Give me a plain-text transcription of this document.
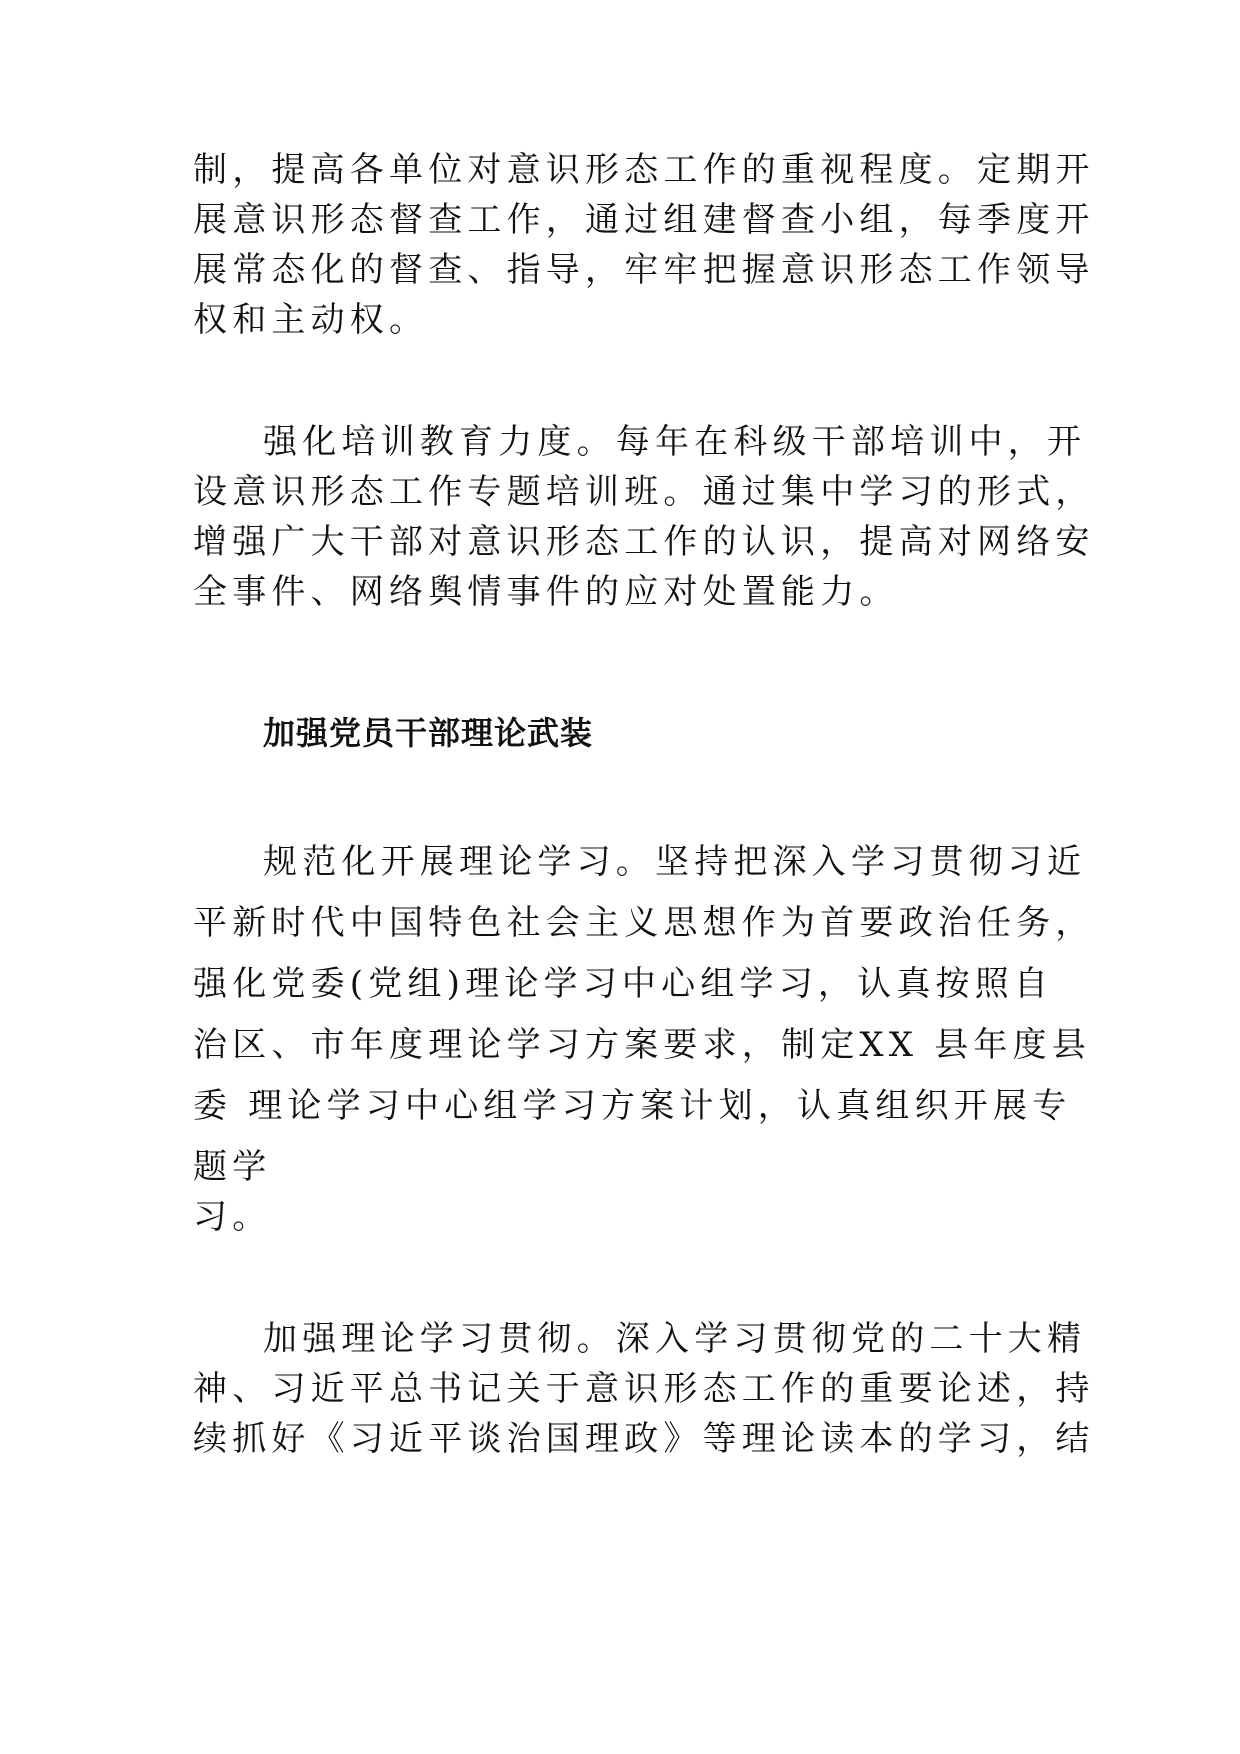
制，提高各单位对意识形态工作的重视程度。定期开
展意识形态督查工作，通过组建督查小组，每季度开
展常态化的督查、指导，牢牢把握意识形态工作领导
权和主动权。
强化培训教育力度。每年在科级干部培训中，开
设意识形态工作专题培训班。通过集中学习的形式，
增强广大干部对意识形态工作的认识，提高对网络安
全事件、网络舆情事件的应对处置能力。
加强党员干部理论武装
规范化开展理论学习。坚持把深入学习贯彻习近
平新时代中国特色社会主义思想作为首要政治任务，
强化党委(党组)理论学习中心组学习，认真按照自
治区、市年度理论学习方案要求，制定XX 县年度县
委 理论学习中心组学习方案计划，认真组织开展专
题学
习。
加强理论学习贯彻。深入学习贯彻党的二十大精
神、习近平总书记关于意识形态工作的重要论述，持
续抓好《习近平谈治国理政》等理论读本的学习，结
